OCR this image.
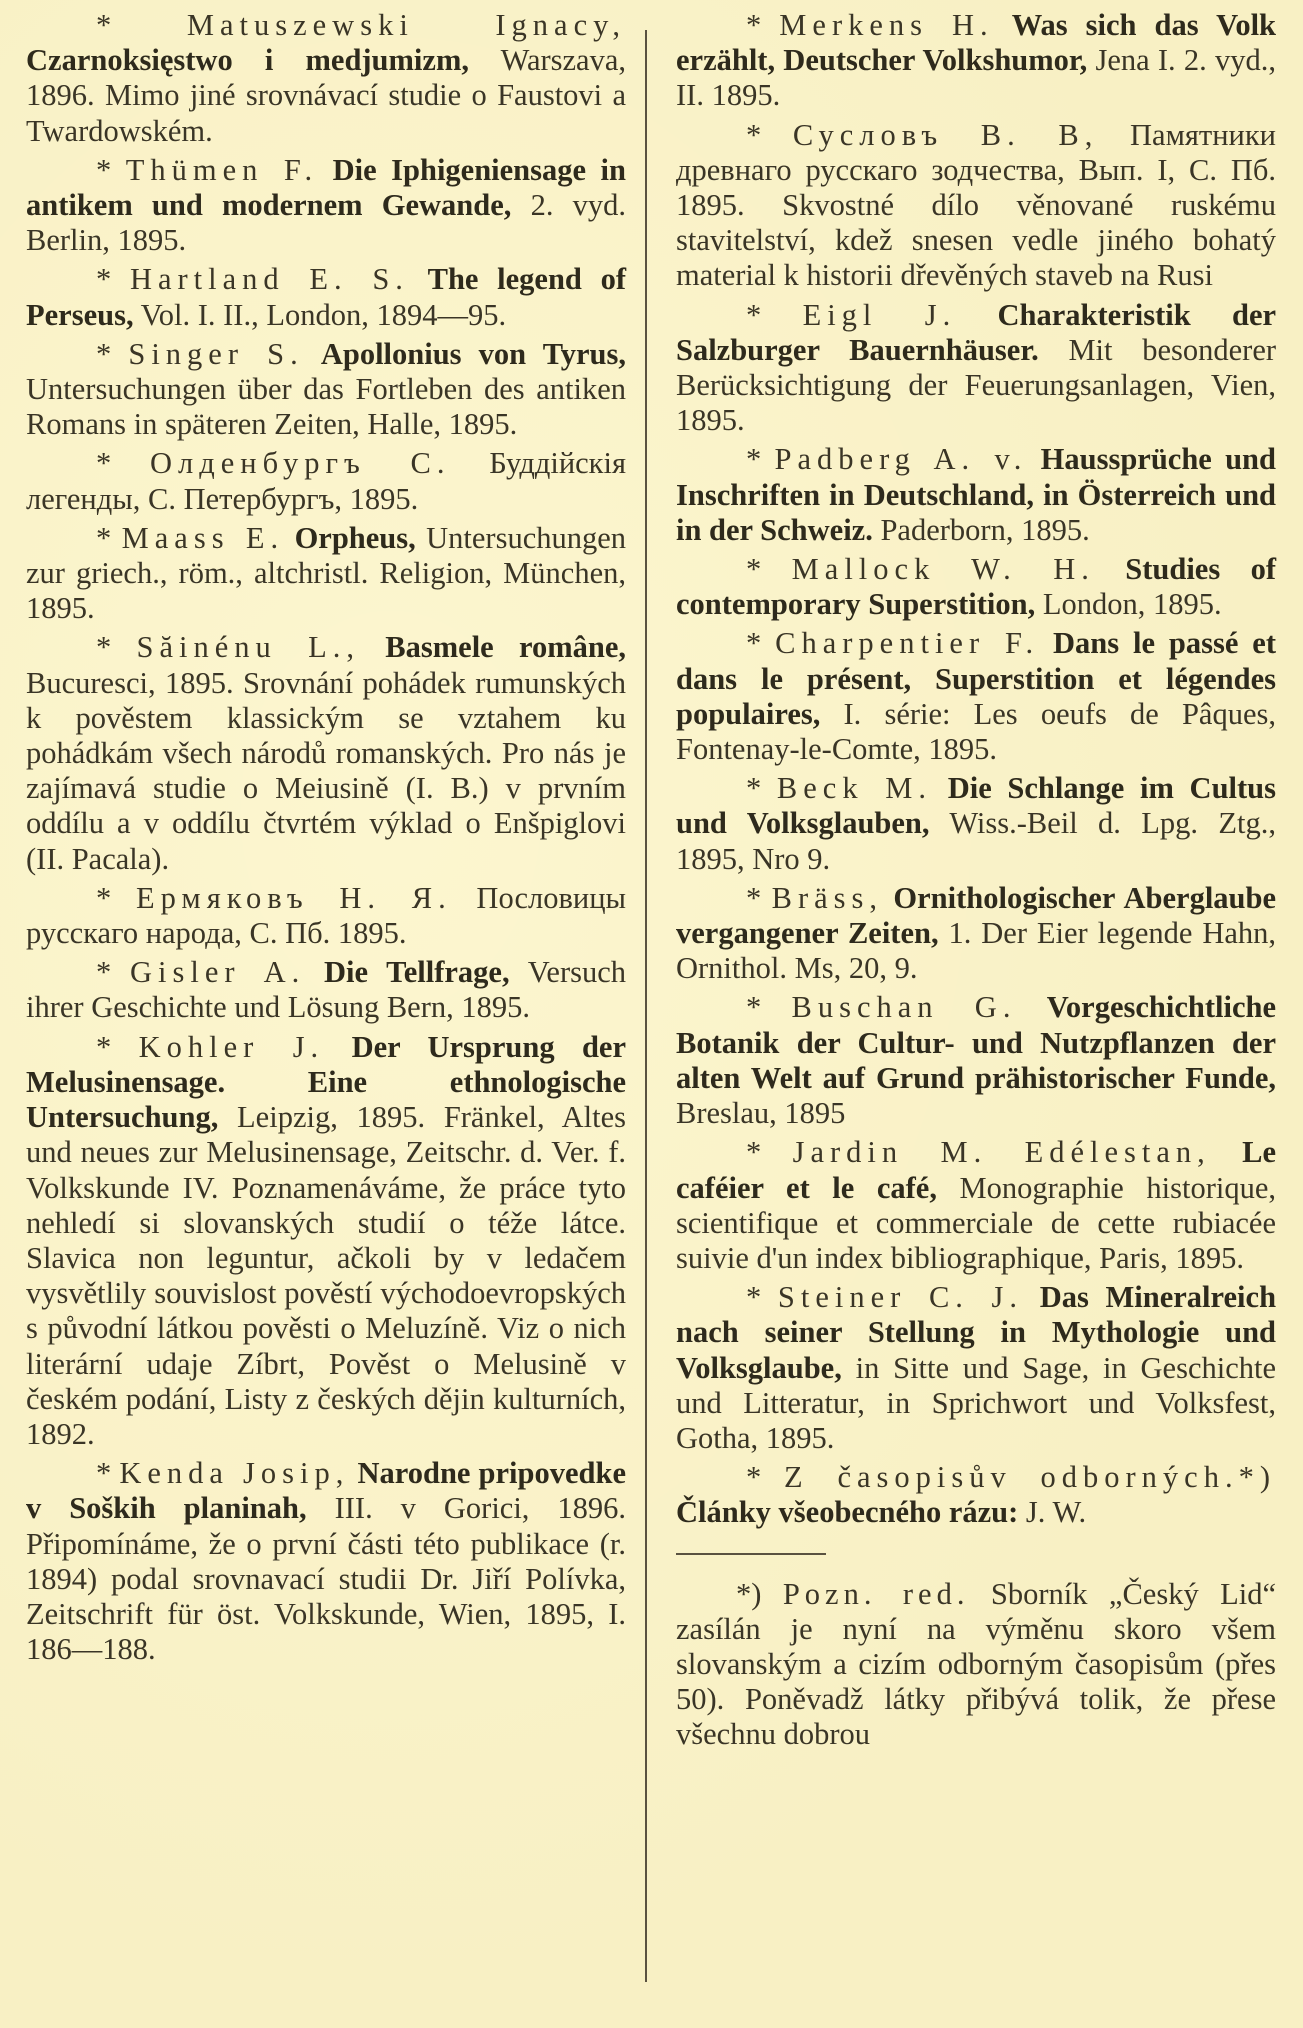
* Matuszewski Ignacy, Czarnoksięstwo i medjumizm, Warszava, 1896. Mimo jiné srovnávací studie o Faustovi a Twardowském.

* Thümen F. Die Iphigeniensage in antikem und modernem Gewande, 2. vyd. Berlin, 1895.

* Hartland E. S. The legend of Perseus, Vol. I. II., London, 1894—95.

* Singer S. Apollonius von Tyrus, Untersuchungen über das Fortleben des antiken Romans in späteren Zeiten, Halle, 1895.

* Олденбургъ С. Буддійскія легенды, С. Петербургъ, 1895.

* Maass E. Orpheus, Untersuchungen zur griech., röm., altchristl. Religion, München, 1895.

* Săinénu L., Basmele române, Bucuresci, 1895. Srovnání pohádek rumunských k pověstem klassickým se vztahem ku pohádkám všech národů romanských. Pro nás je zajímavá studie o Meiusině (I. B.) v prvním oddílu a v oddílu čtvrtém výklad o Enšpiglovi (II. Pacala).

* Ермяковъ Н. Я. Пословицы русскаго народа, С. Пб. 1895.

* Gisler A. Die Tellfrage, Versuch ihrer Geschichte und Lösung Bern, 1895.

* Kohler J. Der Ursprung der Melusinensage. Eine ethnologische Untersuchung, Leipzig, 1895. Fränkel, Altes und neues zur Melusinensage, Zeitschr. d. Ver. f. Volkskunde IV. Poznamenáváme, že práce tyto nehledí si slovanských studií o téže látce. Slavica non leguntur, ačkoli by v ledačem vysvětlily souvislost pověstí východoevropských s původní látkou pověsti o Meluzíně. Viz o nich literární udaje Zíbrt, Pověst o Melusině v českém podání, Listy z českých dějin kulturních, 1892.

* Kenda Josip, Narodne pripovedke v Soških planinah, III. v Gorici, 1896. Připomínáme, že o první části této publikace (r. 1894) podal srovnavací studii Dr. Jiří Polívka, Zeitschrift für öst. Volkskunde, Wien, 1895, I. 186—188.

* Merkens H. Was sich das Volk erzählt, Deutscher Volkshumor, Jena I. 2. vyd., II. 1895.

* Сусловъ В. В, Памятники древнаго русскаго зодчества, Вып. I, С. Пб. 1895. Skvostné dílo věnované ruskému stavitelství, kdež snesen vedle jiného bohatý material k historii dřevěných staveb na Rusi

* Eigl J. Charakteristik der Salzburger Bauernhäuser. Mit besonderer Berücksichtigung der Feuerungsanlagen, Vien, 1895.

* Padberg A. v. Haussprüche und Inschriften in Deutschland, in Österreich und in der Schweiz. Paderborn, 1895.

* Mallock W. H. Studies of contemporary Superstition, London, 1895.

* Charpentier F. Dans le passé et dans le présent, Superstition et légendes populaires, I. série: Les oeufs de Pâques, Fontenay-le-Comte, 1895.

* Beck M. Die Schlange im Cultus und Volksglauben, Wiss.-Beil d. Lpg. Ztg., 1895, Nro 9.

* Bräss, Ornithologischer Aberglaube vergangener Zeiten, 1. Der Eier legende Hahn, Ornithol. Ms, 20, 9.

* Buschan G. Vorgeschichtliche Botanik der Cultur- und Nutzpflanzen der alten Welt auf Grund prähistorischer Funde, Breslau, 1895

* Jardin M. Edélestan, Le caféier et le café, Monographie historique, scientifique et commerciale de cette rubiacée suivie d'un index bibliographique, Paris, 1895.

* Steiner C. J. Das Mineralreich nach seiner Stellung in Mythologie und Volksglaube, in Sitte und Sage, in Geschichte und Litteratur, in Sprichwort und Volksfest, Gotha, 1895.

* Z časopisův odborných.*) Články všeobecného rázu: J. W.

*) Pozn. red. Sborník „Český Lid“ zasílán je nyní na výměnu skoro všem slovanským a cizím odborným časopisům (přes 50). Poněvadž látky přibývá tolik, že přese všechnu dobrou
